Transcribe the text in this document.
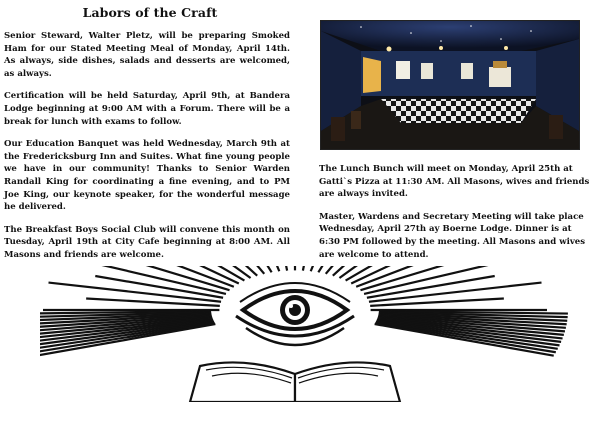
Labors of the Craft

Senior Steward, Walter Pletz, will be preparing Smoked Ham for our Stated Meeting Meal of Monday, April 14th. As always, side dishes, salads and desserts are welcomed, as always.

Certification will be held Saturday, April 9th, at Bandera Lodge beginning at 9:00 AM with a Forum. There will be a break for lunch with exams to follow.

Our Education Banquet was held Wednesday, March 9th at the Fredericksburg Inn and Suites. What fine young people we have in our community! Thanks to Senior Warden Randall King for coordinating a fine evening, and to PM Joe King, our keynote speaker, for the wonderful message he delivered.

The Breakfast Boys Social Club will convene this month on Tuesday, April 19th at City Cafe beginning at 8:00 AM. All Masons and friends are welcome.

The Lunch Bunch will meet on Monday, April 25th at Gatti`s Pizza at 11:30 AM. All Masons, wives and friends are always invited.

Master, Wardens and Secretary Meeting will take place Wednesday, April 27th ay Boerne Lodge. Dinner is at 6:30 PM followed by the meeting. All Masons and wives are welcome to attend.
